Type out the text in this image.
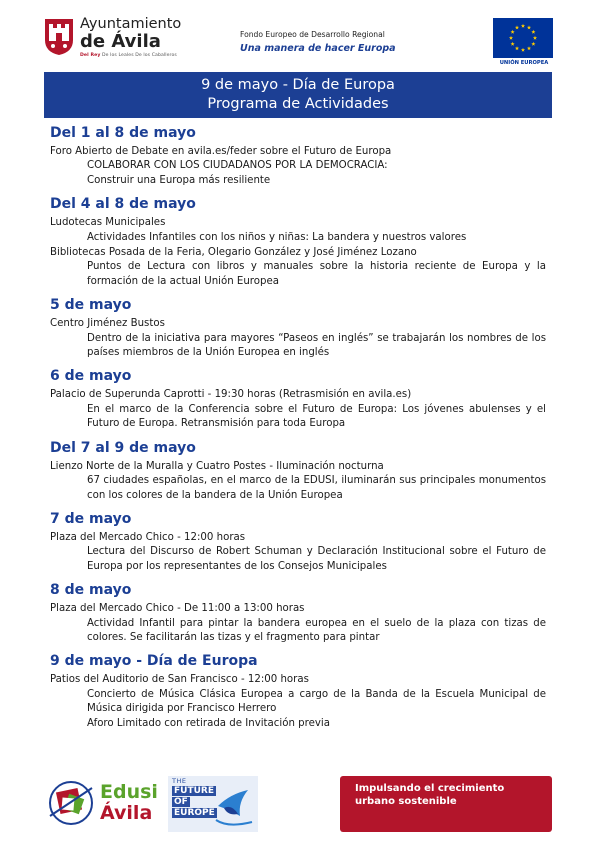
Ayuntamiento
de Ávila
Del Rey De los Leales De los Caballeros
Fondo Europeo de Desarrollo Regional
Una manera de hacer Europa
UNIÓN EUROPEA
9 de mayo - Día de Europa
Programa de Actividades
Del 1 al 8 de mayo
Foro Abierto de Debate en avila.es/feder sobre el Futuro de Europa
COLABORAR CON LOS CIUDADANOS POR LA DEMOCRACIA:
Construir una Europa más resiliente
Del 4 al 8 de mayo
Ludotecas Municipales
Actividades Infantiles con los niños y niñas: La bandera y nuestros valores
Bibliotecas Posada de la Feria, Olegario González y José Jiménez Lozano
Puntos de Lectura con libros y manuales sobre la historia reciente de Europa y la formación de la actual Unión Europea
5 de mayo
Centro Jiménez Bustos
Dentro de la iniciativa para mayores “Paseos en inglés” se trabajarán los nombres de los países miembros de la Unión Europea en inglés
6 de mayo
Palacio de Superunda Caprotti - 19:30 horas (Retrasmisión en avila.es)
En el marco de la Conferencia sobre el Futuro de Europa: Los jóvenes abulenses y el Futuro de Europa. Retransmisión para toda Europa
Del 7 al 9 de mayo
Lienzo Norte de la Muralla y Cuatro Postes - Iluminación nocturna
67 ciudades españolas, en el marco de la EDUSI, iluminarán sus principales monumentos con los colores de la bandera de la Unión Europea
7 de mayo
Plaza del Mercado Chico - 12:00 horas
Lectura del Discurso de Robert Schuman y Declaración Institucional sobre el Futuro de Europa por los representantes de los Consejos Municipales
8 de mayo
Plaza del Mercado Chico - De 11:00 a 13:00 horas
Actividad Infantil para pintar la bandera europea en el suelo de la plaza con tizas de colores. Se facilitarán las tizas y el fragmento para pintar
9 de mayo - Día de Europa
Patios del Auditorio de San Francisco - 12:00 horas
Concierto de Música Clásica Europea a cargo de la Banda de la Escuela Municipal de Música dirigida por Francisco Herrero
Aforo Limitado con retirada de Invitación previa
Edusi
Ávila
THE
FUTURE
OF
EUROPE
Impulsando el crecimiento urbano sostenible
